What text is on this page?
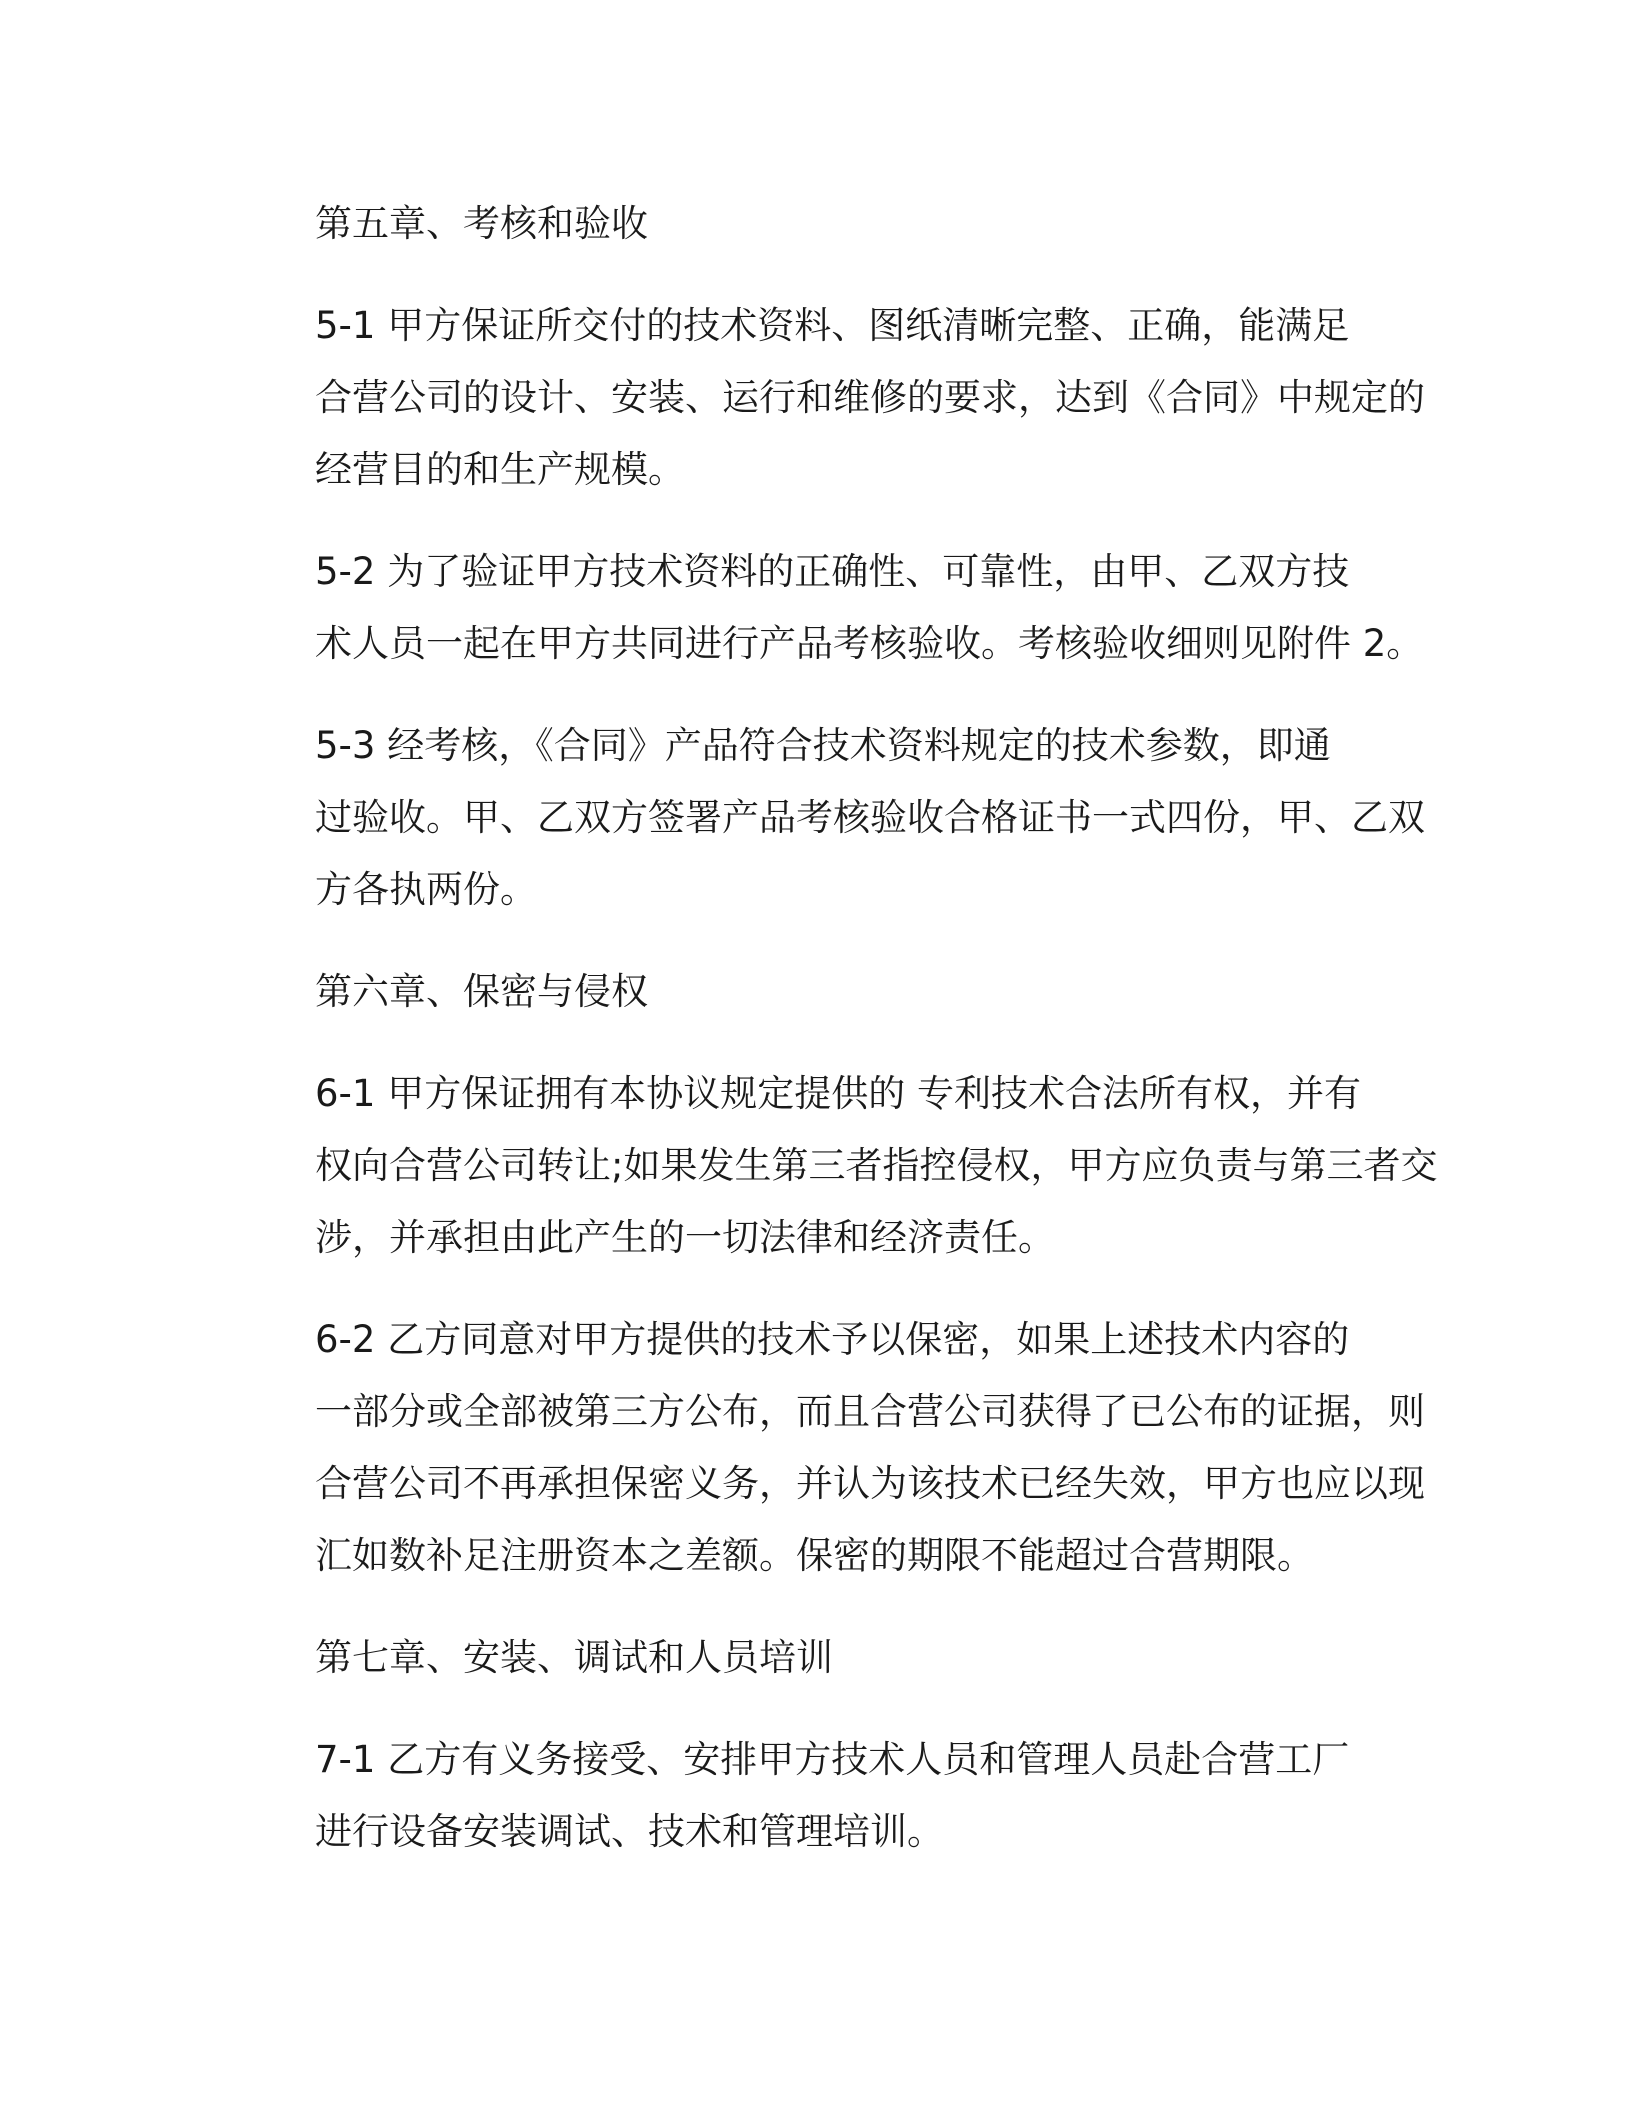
第五章、考核和验收

5-1 甲方保证所交付的技术资料、图纸清晰完整、正确，能满足
合营公司的设计、安装、运行和维修的要求，达到《合同》中规定的
经营目的和生产规模。

5-2 为了验证甲方技术资料的正确性、可靠性，由甲、乙双方技
术人员一起在甲方共同进行产品考核验收。考核验收细则见附件 2。

5-3 经考核，《合同》产品符合技术资料规定的技术参数，即通
过验收。甲、乙双方签署产品考核验收合格证书一式四份，甲、乙双
方各执两份。

第六章、保密与侵权

6-1 甲方保证拥有本协议规定提供的 专利技术合法所有权，并有
权向合营公司转让;如果发生第三者指控侵权，甲方应负责与第三者交
涉，并承担由此产生的一切法律和经济责任。

6-2 乙方同意对甲方提供的技术予以保密，如果上述技术内容的
一部分或全部被第三方公布，而且合营公司获得了已公布的证据，则
合营公司不再承担保密义务，并认为该技术已经失效，甲方也应以现
汇如数补足注册资本之差额。保密的期限不能超过合营期限。

第七章、安装、调试和人员培训

7-1 乙方有义务接受、安排甲方技术人员和管理人员赴合营工厂
进行设备安装调试、技术和管理培训。
